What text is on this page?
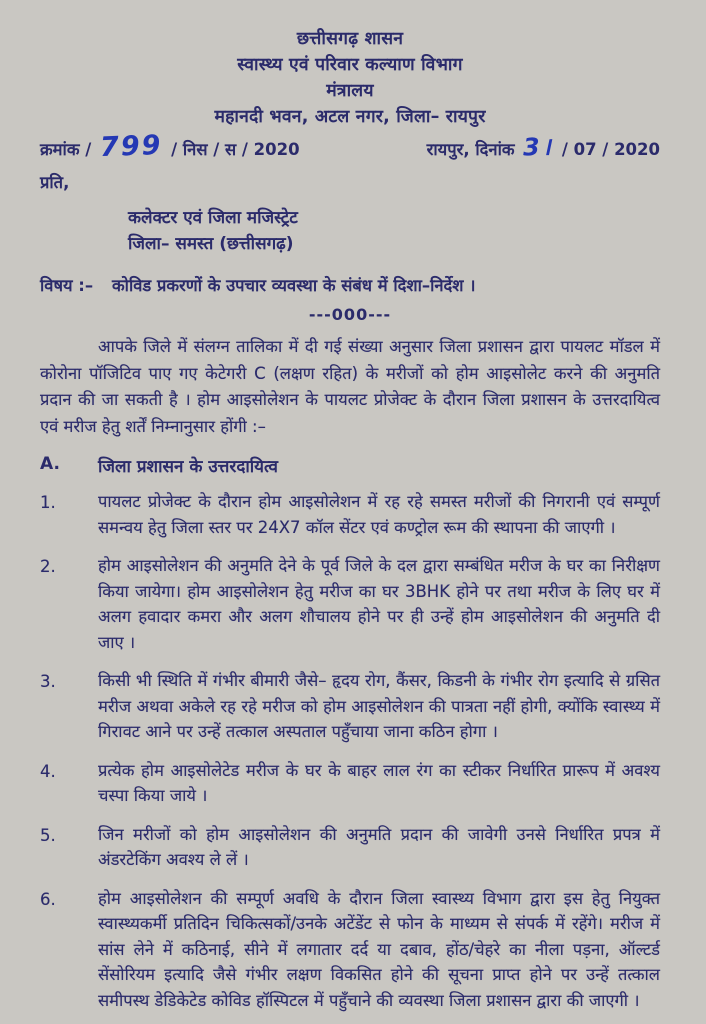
छत्तीसगढ़ शासन
स्वास्थ्य एवं परिवार कल्याण विभाग
मंत्रालय
महानदी भवन, अटल नगर, जिला– रायपुर
क्रमांक / 799 / निस / स / 2020	रायपुर, दिनांक 3। / 07 / 2020
प्रति,
कलेक्टर एवं जिला मजिस्ट्रेट
जिला– समस्त (छत्तीसगढ़)
विषय :–	कोविड प्रकरणों के उपचार व्यवस्था के संबंध में दिशा–निर्देश ।
---000---

आपके जिले में संलग्न तालिका में दी गई संख्या अनुसार जिला प्रशासन द्वारा पायलट मॉडल में कोरोना पॉजिटिव पाए गए केटेगरी C (लक्षण रहित) के मरीजों को होम आइसोलेट करने की अनुमति प्रदान की जा सकती है । होम आइसोलेशन के पायलट प्रोजेक्ट के दौरान जिला प्रशासन के उत्तरदायित्व एवं मरीज हेतु शर्तें निम्नानुसार होंगी :–

A.	जिला प्रशासन के उत्तरदायित्व
1.	पायलट प्रोजेक्ट के दौरान होम आइसोलेशन में रह रहे समस्त मरीजों की निगरानी एवं सम्पूर्ण समन्वय हेतु जिला स्तर पर 24X7 कॉल सेंटर एवं कण्ट्रोल रूम की स्थापना की जाएगी ।
2.	होम आइसोलेशन की अनुमति देने के पूर्व जिले के दल द्वारा सम्बंधित मरीज के घर का निरीक्षण किया जायेगा। होम आइसोलेशन हेतु मरीज का घर 3BHK होने पर तथा मरीज के लिए घर में अलग हवादार कमरा और अलग शौचालय होने पर ही उन्हें होम आइसोलेशन की अनुमति दी जाए ।
3.	किसी भी स्थिति में गंभीर बीमारी जैसे– हृदय रोग, कैंसर, किडनी के गंभीर रोग इत्यादि से ग्रसित मरीज अथवा अकेले रह रहे मरीज को होम आइसोलेशन की पात्रता नहीं होगी, क्योंकि स्वास्थ्य में गिरावट आने पर उन्हें तत्काल अस्पताल पहुँचाया जाना कठिन होगा ।
4.	प्रत्येक होम आइसोलेटेड मरीज के घर के बाहर लाल रंग का स्टीकर निर्धारित प्रारूप में अवश्य चस्पा किया जाये ।
5.	जिन मरीजों को होम आइसोलेशन की अनुमति प्रदान की जावेगी उनसे निर्धारित प्रपत्र में अंडरटेकिंग अवश्य ले लें ।
6.	होम आइसोलेशन की सम्पूर्ण अवधि के दौरान जिला स्वास्थ्य विभाग द्वारा इस हेतु नियुक्त स्वास्थ्यकर्मी प्रतिदिन चिकित्सकों/उनके अटेंडेंट से फोन के माध्यम से संपर्क में रहेंगे। मरीज में सांस लेने में कठिनाई, सीने में लगातार दर्द या दबाव, होंठ/चेहरे का नीला पड़ना, ऑल्टर्ड सेंसोरियम इत्यादि जैसे गंभीर लक्षण विकसित होने की सूचना प्राप्त होने पर उन्हें तत्काल समीपस्थ डेडिकेटेड कोविड हॉस्पिटल में पहुँचाने की व्यवस्था जिला प्रशासन द्वारा की जाएगी ।
